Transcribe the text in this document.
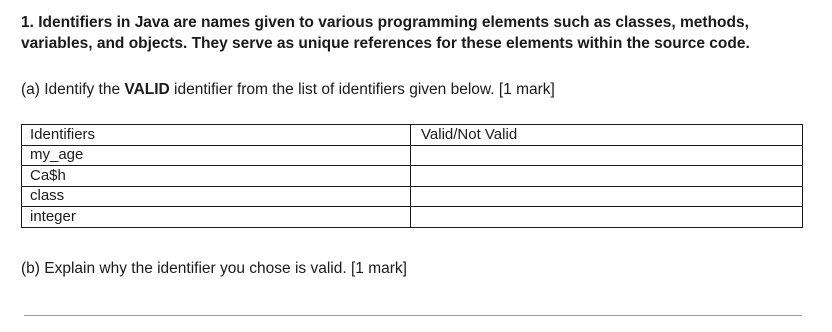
1. Identifiers in Java are names given to various programming elements such as classes, methods, variables, and objects. They serve as unique references for these elements within the source code.

(a) Identify the VALID identifier from the list of identifiers given below. [1 mark]

Identifiers	Valid/Not Valid
my_age	
Ca$h	
class	
integer	

(b) Explain why the identifier you chose is valid. [1 mark]
